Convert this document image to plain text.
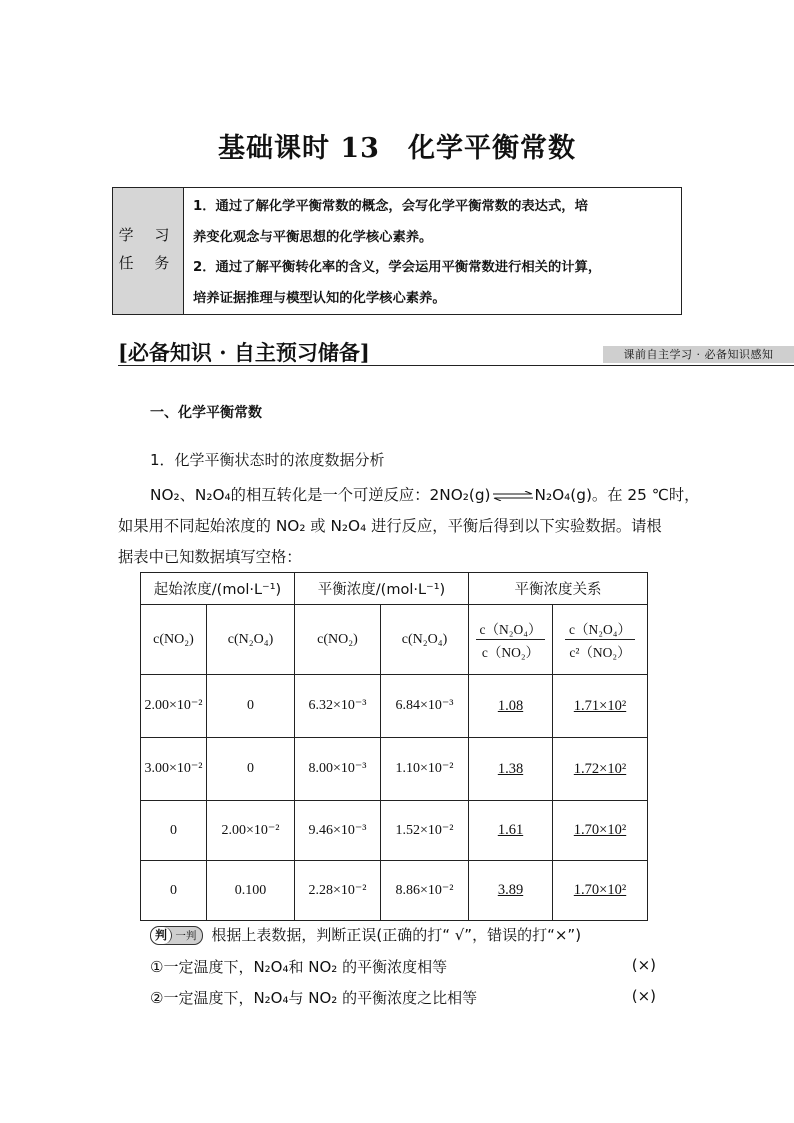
基础课时 13　化学平衡常数
学 习
任 务
1．通过了解化学平衡常数的概念，会写化学平衡常数的表达式，培
养变化观念与平衡思想的化学核心素养。
2．通过了解平衡转化率的含义，学会运用平衡常数进行相关的计算，
培养证据推理与模型认知的化学核心素养。
[必备知识 · 自主预习储备]	课前自主学习 · 必备知识感知
一、化学平衡常数
1．化学平衡状态时的浓度数据分析
NO₂、N₂O₄的相互转化是一个可逆反应：2NO₂(g)⇌N₂O₄(g)。在 25 ℃时，
如果用不同起始浓度的 NO₂ 或 N₂O₄ 进行反应，平衡后得到以下实验数据。请根
据表中已知数据填写空格：
起始浓度/(mol·L⁻¹)		平衡浓度/(mol·L⁻¹)		平衡浓度关系	
c(NO₂)	c(N₂O₄)	c(NO₂)	c(N₂O₄)	$\frac{\text{c（N₂O₄）}}{\text{c（NO₂）}}$	$\frac{\text{c（N₂O₄）}}{\text{c²（NO₂）}}$

2.00×10⁻²	0	6.32×10⁻³	6.84×10⁻³	1.08	1.71×10²
3.00×10⁻²	0	8.00×10⁻³	1.10×10⁻²	1.38	1.72×10²
0	2.00×10⁻²	9.46×10⁻³	1.52×10⁻²	1.61	1.70×10²
0	0.100	2.28×10⁻²	8.86×10⁻²	3.89	1.70×10²
判 一判 根据上表数据，判断正误(正确的打“ √”，错误的打“×”)
①一定温度下，N₂O₄和 NO₂ 的平衡浓度相等	(×)
②一定温度下，N₂O₄与 NO₂ 的平衡浓度之比相等	(×)
